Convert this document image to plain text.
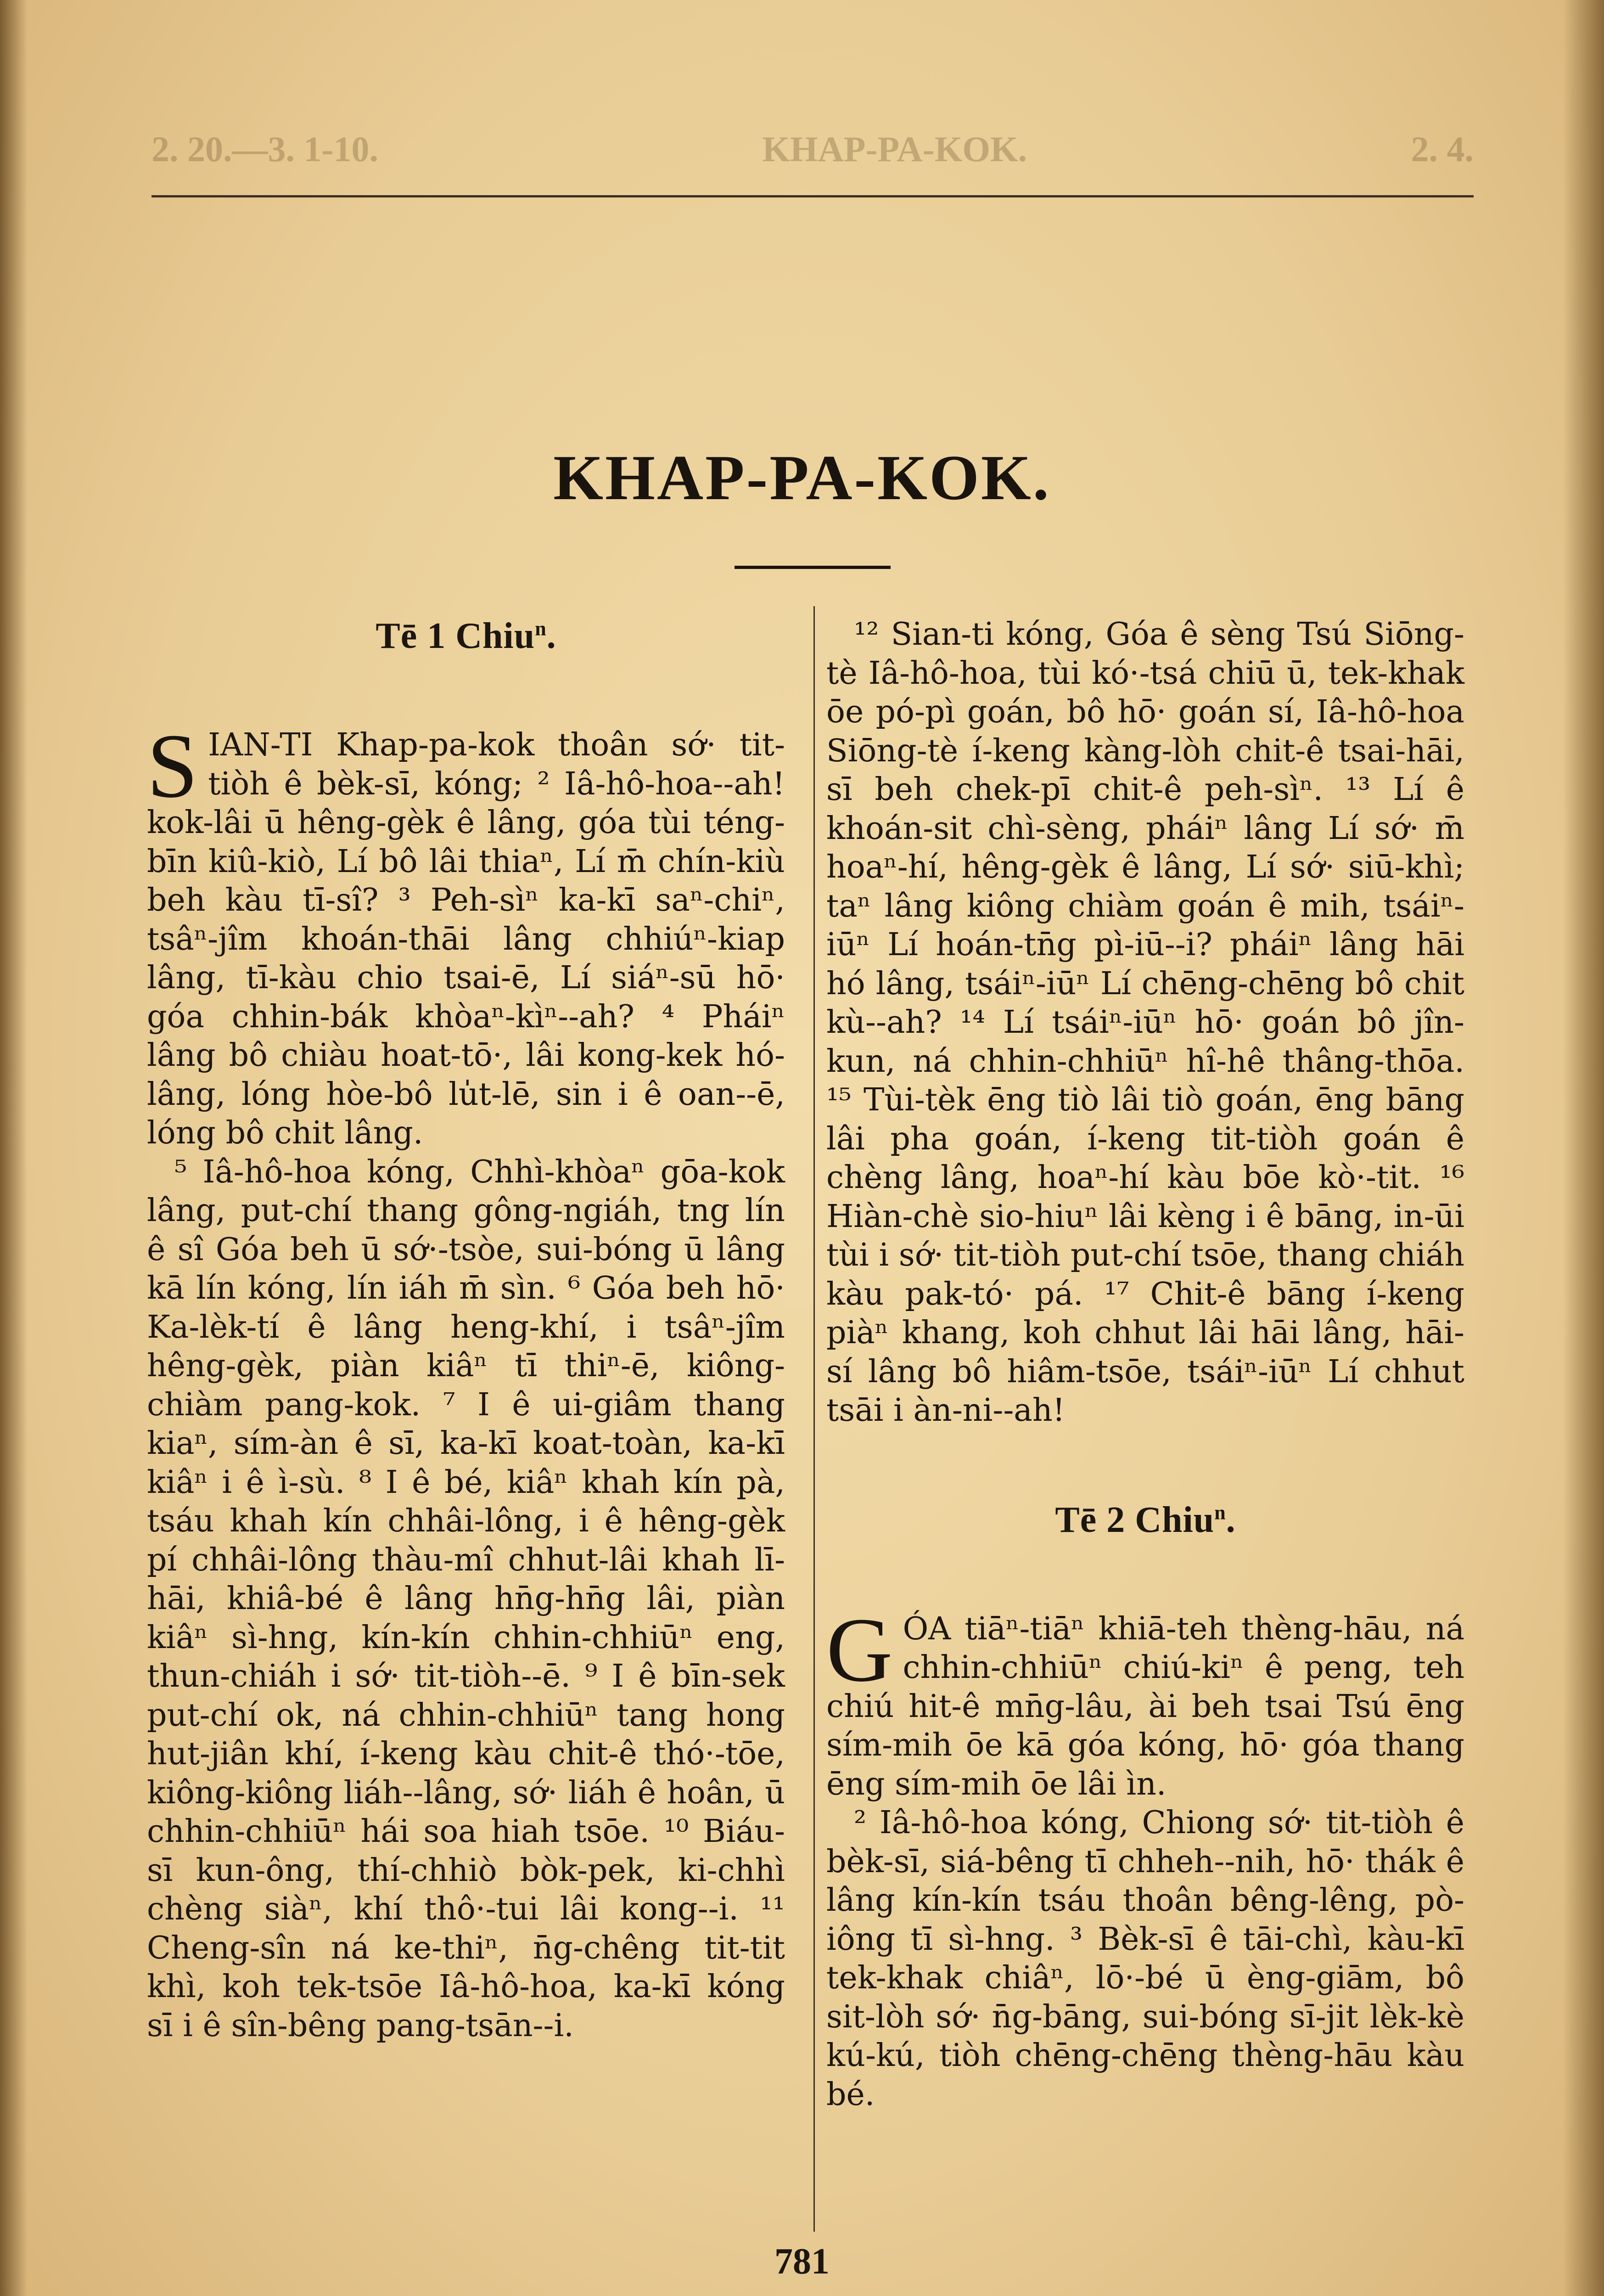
2. 20.—3. 1-10.	KHAP-PA-KOK.	2. 4.
KHAP-PA-KOK.
Tē 1 Chiu$^n$.

S IAN-TI Khap-pa-kok thoân sớ· tit-tiòh ê bèk-sī, kóng; ² Iâ-hô-hoa--ah! kok-lâi ū hêng-gèk ê lâng, góa tùi téng-bīn kiû-kiò, Lí bô lâi thiaⁿ, Lí m̄ chín-kiù beh kàu tī-sî? ³ Peh-sìⁿ ka-kī saⁿ-chiⁿ, tsâⁿ-jîm khoán-thāi lâng chhiúⁿ-kiap lâng, tī-kàu chio tsai-ē, Lí siáⁿ-sū hō· góa chhin-bák khòaⁿ-kìⁿ--ah? ⁴ Pháiⁿ lâng bô chiàu hoat-tō·, lâi kong-kek hó-lâng, lóng hòe-bô lu̍t-lē, sin i ê oan--ē, lóng bô chit lâng.

⁵ Iâ-hô-hoa kóng, Chhì-khòaⁿ gōa-kok lâng, put-chí thang gông-ngiáh, tng lín ê sî Góa beh ū sớ·-tsòe, sui-bóng ū lâng kā lín kóng, lín iáh m̄ sìn. ⁶ Góa beh hō· Ka-lèk-tí ê lâng heng-khí, i tsâⁿ-jîm hêng-gèk, piàn kiâⁿ tī thiⁿ-ē, kiông-chiàm pang-kok. ⁷ I ê ui-giâm thang kiaⁿ, sím-àn ê sī, ka-kī koat-toàn, ka-kī kiâⁿ i ê ì-sù. ⁸ I ê bé, kiâⁿ khah kín pà, tsáu khah kín chhâi-lông, i ê hêng-gèk pí chhâi-lông thàu-mî chhut-lâi khah lī-hāi, khiâ-bé ê lâng hn̄g-hn̄g lâi, piàn kiâⁿ sì-hng, kín-kín chhin-chhiūⁿ eng, thun-chiáh i sớ· tit-tiòh--ē. ⁹ I ê bīn-sek put-chí ok, ná chhin-chhiūⁿ tang hong hut-jiân khí, í-keng kàu chit-ê thó·-tōe, kiông-kiông liáh--lâng, sớ· liáh ê hoân, ū chhin-chhiūⁿ hái soa hiah tsōe. ¹⁰ Biáu-sī kun-ông, thí-chhiò bòk-pek, ki-chhì chèng siàⁿ, khí thô·-tui lâi kong--i. ¹¹ Cheng-sîn ná ke-thiⁿ, n̄g-chêng tit-tit khì, koh tek-tsōe Iâ-hô-hoa, ka-kī kóng sī i ê sîn-bêng pang-tsān--i.

¹² Sian-ti kóng, Góa ê sèng Tsú Siōng-tè Iâ-hô-hoa, tùi kó·-tsá chiū ū, tek-khak ōe pó-pì goán, bô hō· goán sí, Iâ-hô-hoa Siōng-tè í-keng kàng-lòh chit-ê tsai-hāi, sī beh chek-pī chit-ê peh-sìⁿ. ¹³ Lí ê khoán-sit chì-sèng, pháiⁿ lâng Lí sớ· m̄ hoaⁿ-hí, hêng-gèk ê lâng, Lí sớ· siū-khì; taⁿ lâng kiông chiàm goán ê mih, tsáiⁿ-iūⁿ Lí hoán-tn̄g pì-iū--i? pháiⁿ lâng hāi hó lâng, tsáiⁿ-iūⁿ Lí chēng-chēng bô chit kù--ah? ¹⁴ Lí tsáiⁿ-iūⁿ hō· goán bô jîn-kun, ná chhin-chhiūⁿ hî-hê thâng-thōa. ¹⁵ Tùi-tèk ēng tiò lâi tiò goán, ēng bāng lâi pha goán, í-keng tit-tiòh goán ê chèng lâng, hoaⁿ-hí kàu bōe kò·-tit. ¹⁶ Hiàn-chè sio-hiuⁿ lâi kèng i ê bāng, in-ūi tùi i sớ· tit-tiòh put-chí tsōe, thang chiáh kàu pak-tó· pá. ¹⁷ Chit-ê bāng í-keng piàⁿ khang, koh chhut lâi hāi lâng, hāi-sí lâng bô hiâm-tsōe, tsáiⁿ-iūⁿ Lí chhut tsāi i àn-ni--ah!

Tē 2 Chiu$^n$.

G ÓA tiāⁿ-tiāⁿ khiā-teh thèng-hāu, ná chhin-chhiūⁿ chiú-kiⁿ ê peng, teh chiú hit-ê mn̄g-lâu, ài beh tsai Tsú ēng sím-mih ōe kā góa kóng, hō· góa thang ēng sím-mih ōe lâi ìn.

² Iâ-hô-hoa kóng, Chiong sớ· tit-tiòh ê bèk-sī, siá-bêng tī chheh--nih, hō· thák ê lâng kín-kín tsáu thoân bêng-lêng, pò-iông tī sì-hng. ³ Bèk-sī ê tāi-chì, kàu-kī tek-khak chiâⁿ, lō·-bé ū èng-giām, bô sit-lòh sớ· n̄g-bāng, sui-bóng sī-jit lèk-kè kú-kú, tiòh chēng-chēng thèng-hāu kàu bé.

781
